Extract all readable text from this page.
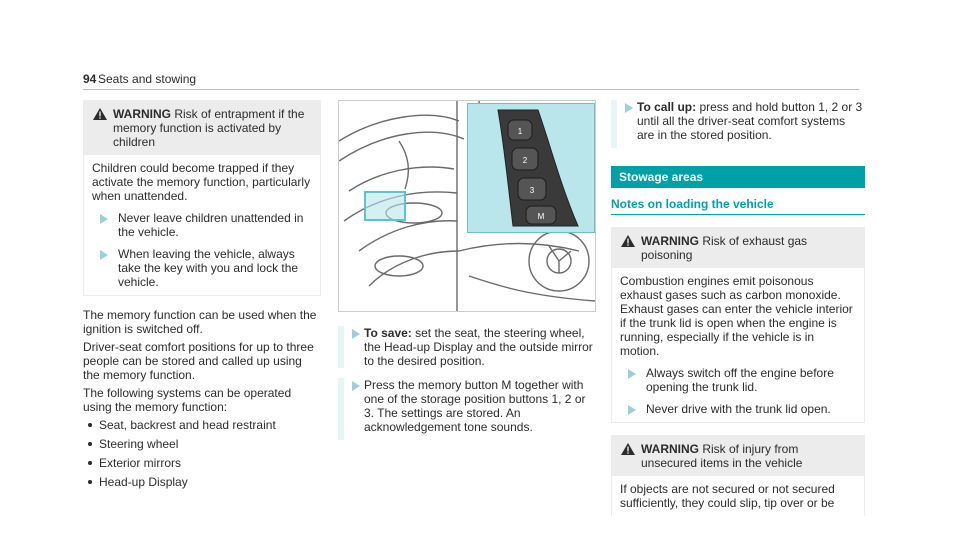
94 Seats and stowing
WARNING Risk of entrapment if the memory function is activated by children

Children could become trapped if they activate the memory function, particularly when unattended.

Never leave children unattended in the vehicle.
When leaving the vehicle, always take the key with you and lock the vehicle.

The memory function can be used when the ignition is switched off.

Driver-seat comfort positions for up to three people can be stored and called up using the memory function.

The following systems can be operated using the memory function:

Seat, backrest and head restraint
Steering wheel
Exterior mirrors
Head-up Display
1
2
3
M
To save: set the seat, the steering wheel, the Head-up Display and the outside mirror to the desired position.
Press the memory button M together with one of the storage position buttons 1, 2 or 3. The settings are stored. An acknowledgement tone sounds.
To call up: press and hold button 1, 2 or 3 until all the driver-seat comfort systems are in the stored position.
Stowage areas
Notes on loading the vehicle
WARNING Risk of exhaust gas poisoning

Combustion engines emit poisonous exhaust gases such as carbon monoxide. Exhaust gases can enter the vehicle interior if the trunk lid is open when the engine is running, especially if the vehicle is in motion.

Always switch off the engine before opening the trunk lid.
Never drive with the trunk lid open.
WARNING Risk of injury from unsecured items in the vehicle

If objects are not secured or not secured sufficiently, they could slip, tip over or be
